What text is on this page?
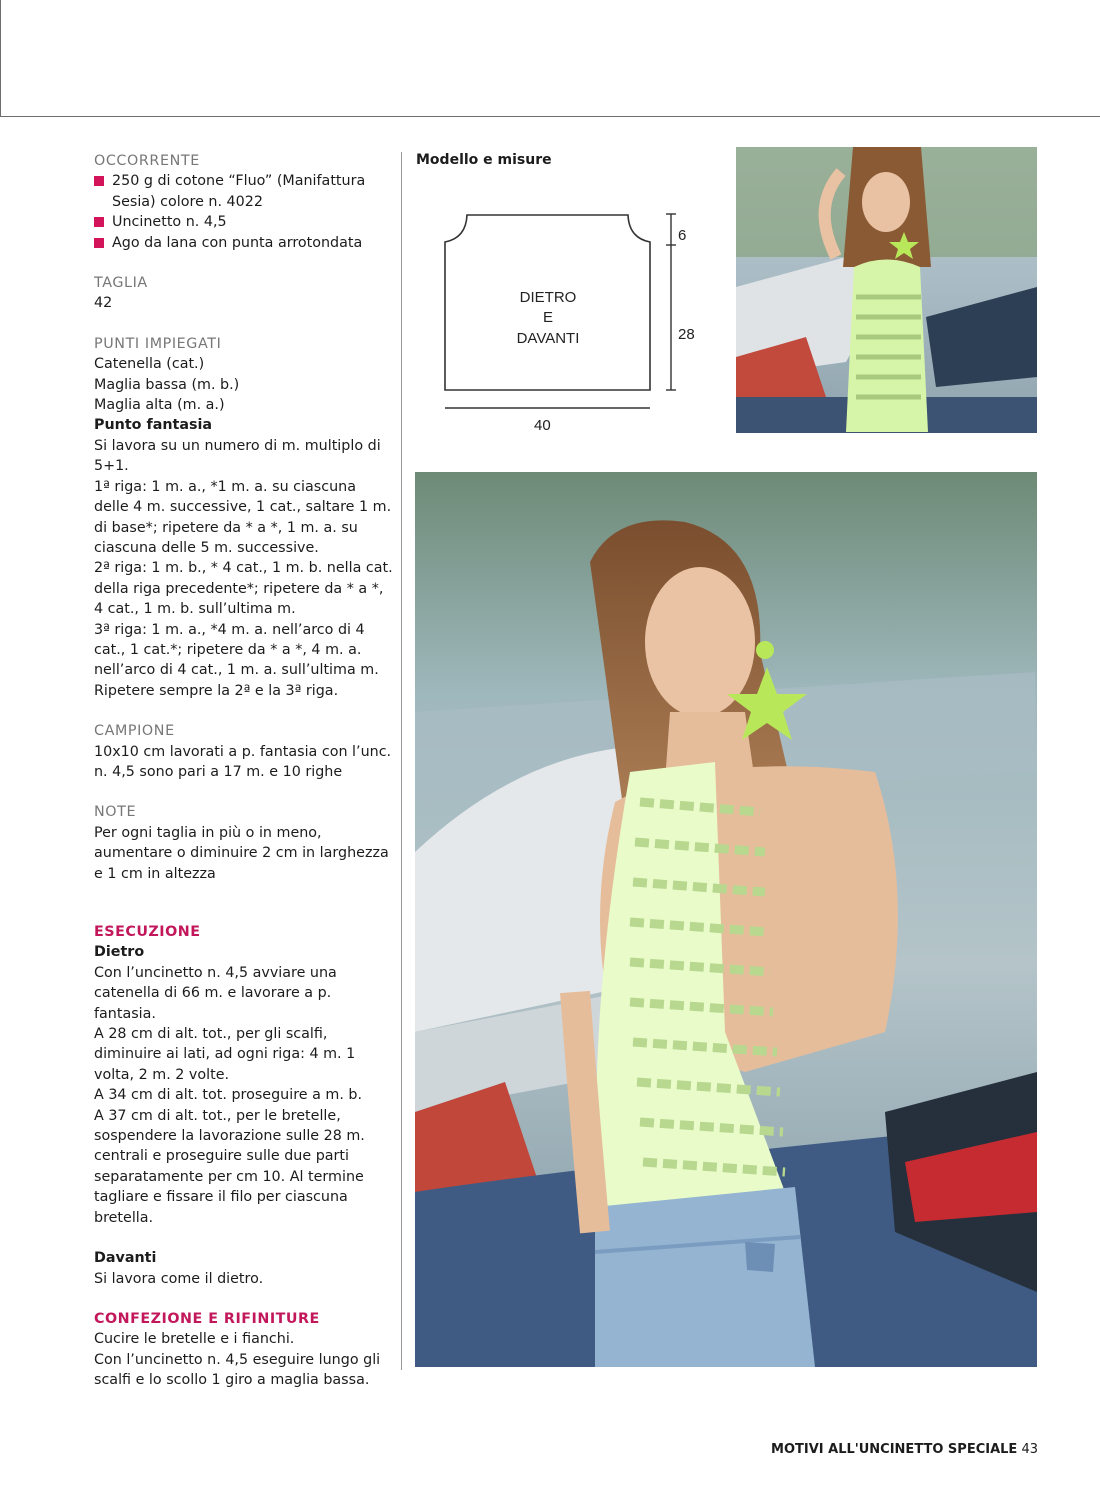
OCCORRENTE

250 g di cotone “Fluo” (Manifattura Sesia) colore n. 4022
Uncinetto n. 4,5
Ago da lana con punta arrotondata

TAGLIA

42

PUNTI IMPIEGATI

Catenella (cat.)

Maglia bassa (m. b.)

Maglia alta (m. a.)

Punto fantasia

Si lavora su un numero di m. multiplo di 5+1.

1ª riga: 1 m. a., *1 m. a. su ciascuna delle 4 m. successive, 1 cat., saltare 1 m. di base*; ripetere da * a *, 1 m. a. su ciascuna delle 5 m. successive.

2ª riga: 1 m. b., * 4 cat., 1 m. b. nella cat. della riga precedente*; ripetere da * a *, 4 cat., 1 m. b. sull’ultima m.

3ª riga: 1 m. a., *4 m. a. nell’arco di 4 cat., 1 cat.*; ripetere da * a *, 4 m. a. nell’arco di 4 cat., 1 m. a. sull’ultima m.

Ripetere sempre la 2ª e la 3ª riga.

CAMPIONE

10x10 cm lavorati a p. fantasia con l’unc. n. 4,5 sono pari a 17 m. e 10 righe

NOTE

Per ogni taglia in più o in meno, aumentare o diminuire 2 cm in larghezza e 1 cm in altezza

ESECUZIONE

Dietro

Con l’uncinetto n. 4,5 avviare una catenella di 66 m. e lavorare a p. fantasia.

A 28 cm di alt. tot., per gli scalfi, diminuire ai lati, ad ogni riga: 4 m. 1 volta, 2 m. 2 volte.

A 34 cm di alt. tot. proseguire a m. b.

A 37 cm di alt. tot., per le bretelle, sospendere la lavorazione sulle 28 m. centrali e proseguire sulle due parti separatamente per cm 10. Al termine tagliare e fissare il filo per ciascuna bretella.

Davanti

Si lavora come il dietro.

CONFEZIONE E RIFINITURE

Cucire le bretelle e i fianchi.

Con l’uncinetto n. 4,5 eseguire lungo gli scalfi e lo scollo 1 giro a maglia bassa.

Modello e misure
DIETRO
E
DAVANTI
6
28
40
MOTIVI ALL'UNCINETTO SPECIALE 43
